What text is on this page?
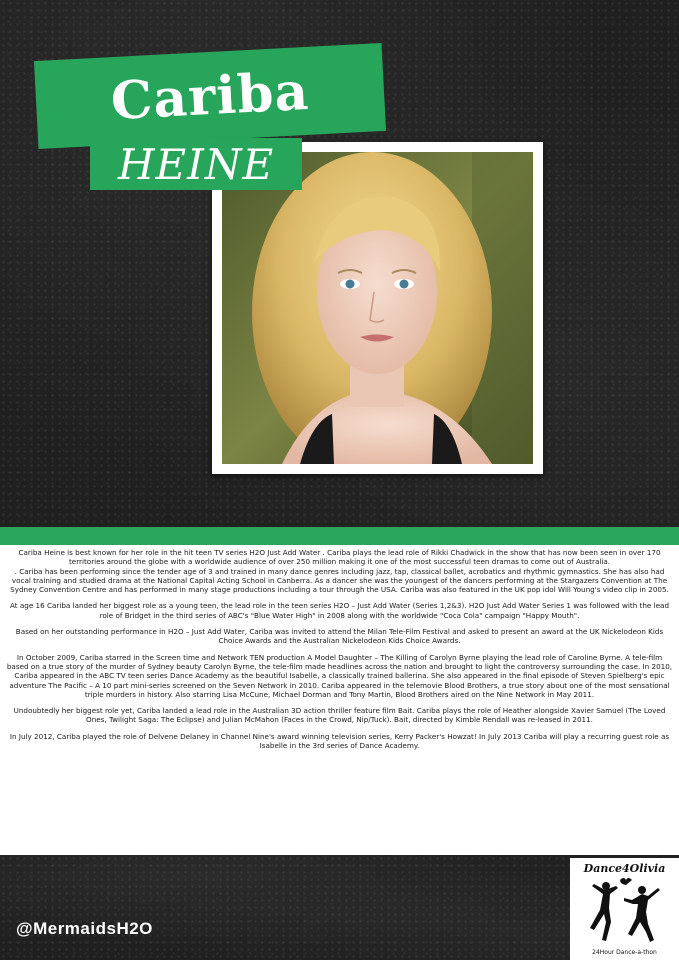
Cariba
HEINE

Cariba Heine is best known for her role in the hit teen TV series H2O Just Add Water . Cariba plays the lead role of Rikki Chadwick in the show that has now been seen in over 170 territories around the globe with a worldwide audience of over 250 million making it one of the most successful teen dramas to come out of Australia.

. Cariba has been performing since the tender age of 3 and trained in many dance genres including jazz, tap, classical ballet, acrobatics and rhythmic gymnastics. She has also had vocal training and studied drama at the National Capital Acting School in Canberra. As a dancer she was the youngest of the dancers performing at the Stargazers Convention at The Sydney Convention Centre and has performed in many stage productions including a tour through the USA. Cariba was also featured in the UK pop idol Will Young's video clip in 2005.

At age 16 Cariba landed her biggest role as a young teen, the lead role in the teen series H2O – Just Add Water (Series 1,2&3). H2O Just Add Water Series 1 was followed with the lead role of Bridget in the third series of ABC's "Blue Water High" in 2008 along with the worldwide "Coca Cola" campaign "Happy Mouth".

Based on her outstanding performance in H2O – Just Add Water, Cariba was invited to attend the Milan Tele-Film Festival and asked to present an award at the UK Nickelodeon Kids Choice Awards and the Australian Nickelodeon Kids Choice Awards.

In October 2009, Cariba starred in the Screen time and Network TEN production A Model Daughter – The Killing of Carolyn Byrne playing the lead role of Caroline Byrne. A tele-film based on a true story of the murder of Sydney beauty Carolyn Byrne, the tele-film made headlines across the nation and brought to light the controversy surrounding the case. In 2010, Cariba appeared in the ABC TV teen series Dance Academy as the beautiful Isabelle, a classically trained ballerina. She also appeared in the final episode of Steven Spielberg's epic adventure The Pacific – A 10 part mini-series screened on the Seven Network in 2010. Cariba appeared in the telemovie Blood Brothers, a true story about one of the most sensational triple murders in history. Also starring Lisa McCune, Michael Dorman and Tony Martin, Blood Brothers aired on the Nine Network in May 2011.

Undoubtedly her biggest role yet, Cariba landed a lead role in the Australian 3D action thriller feature film Bait. Cariba plays the role of Heather alongside Xavier Samuel (The Loved Ones, Twilight Saga: The Eclipse) and Julian McMahon (Faces in the Crowd, Nip/Tuck). Bait, directed by Kimble Rendall was re-leased in 2011.

In July 2012, Cariba played the role of Delvene Delaney in Channel Nine's award winning television series, Kerry Packer's Howzat! In July 2013 Cariba will play a recurring guest role as Isabelle in the 3rd series of Dance Academy.

@MermaidsH2O
Dance4Olivia
24Hour Dance-a-thon
